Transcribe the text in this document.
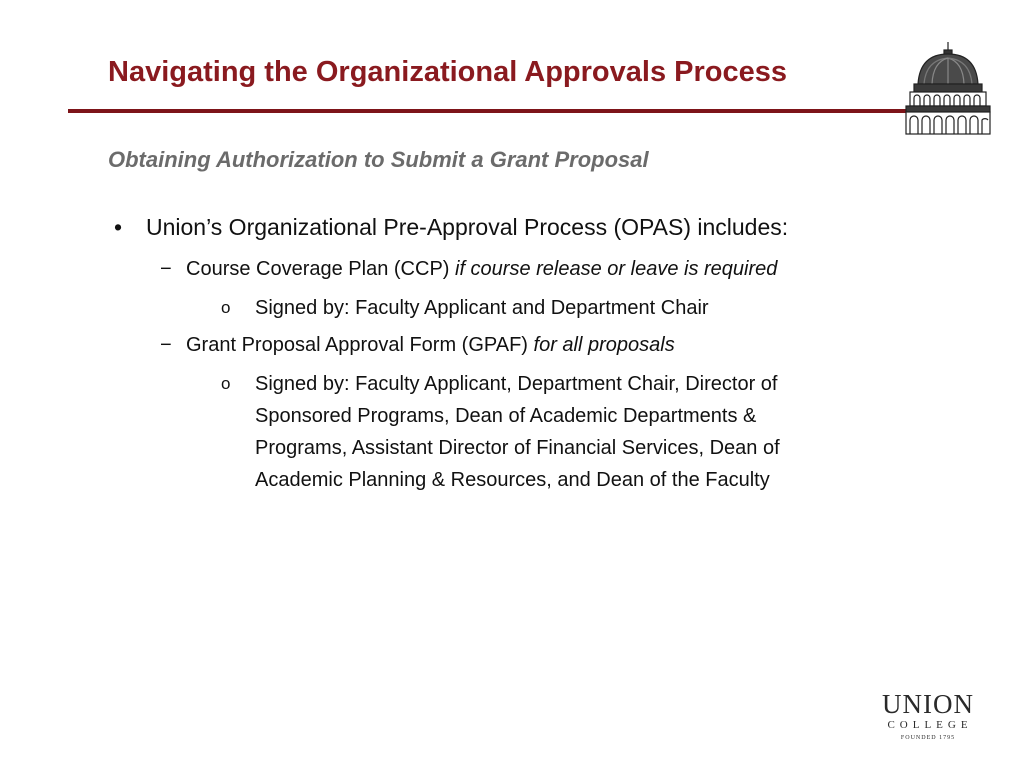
Navigating the Organizational Approvals Process
Obtaining Authorization to Submit a Grant Proposal
• Union’s Organizational Pre-Approval Process (OPAS) includes:
− Course Coverage Plan (CCP) if course release or leave is required
o Signed by: Faculty Applicant and Department Chair
− Grant Proposal Approval Form (GPAF) for all proposals
o Signed by: Faculty Applicant, Department Chair, Director of
Sponsored Programs, Dean of Academic Departments &
Programs, Assistant Director of Financial Services, Dean of
Academic Planning & Resources, and Dean of the Faculty
UNION
COLLEGE
FOUNDED 1795
